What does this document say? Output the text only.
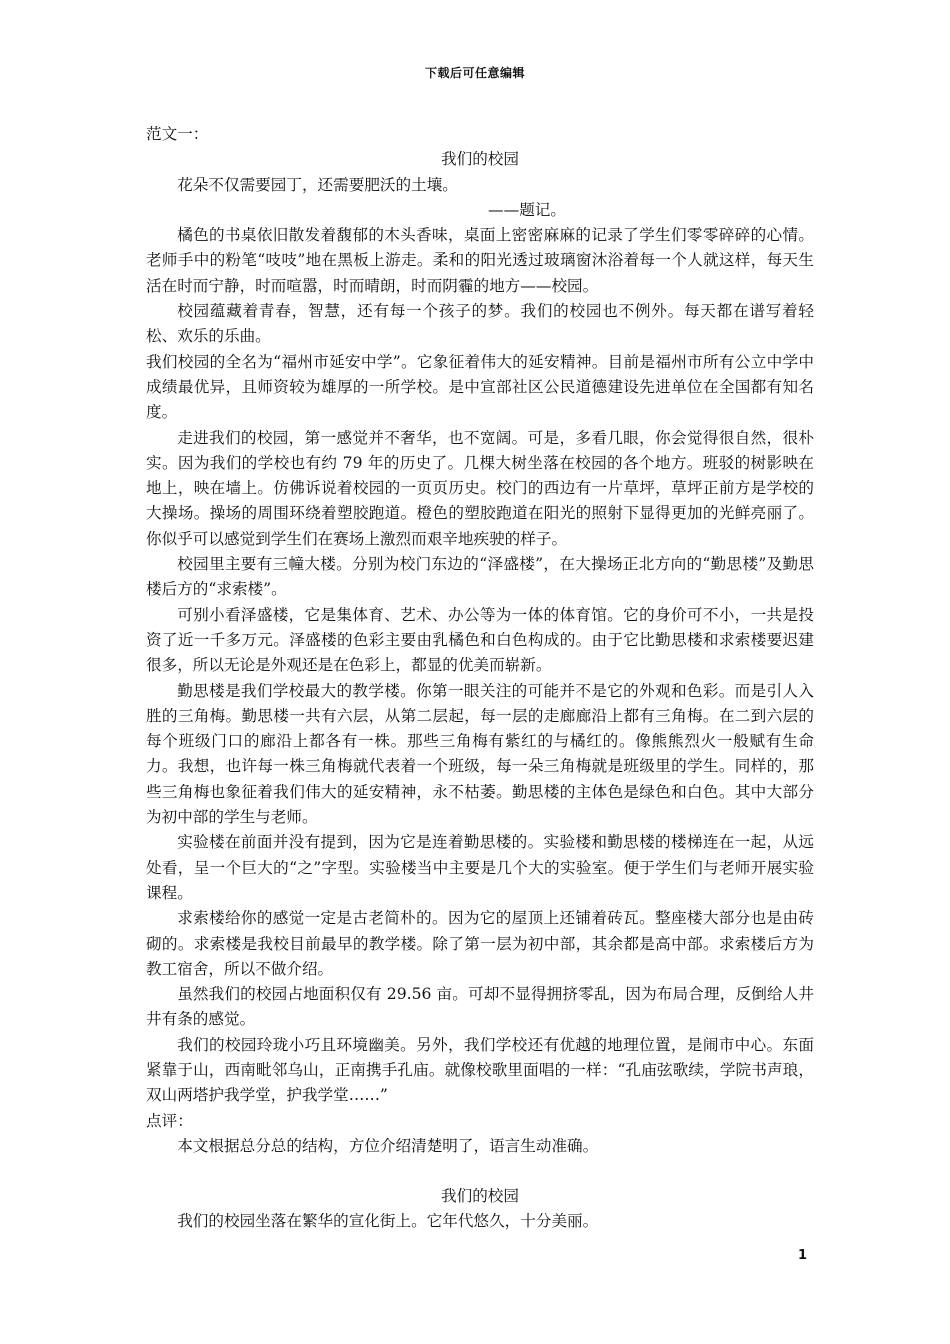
下载后可任意编辑

范文一：

我们的校园

花朵不仅需要园丁，还需要肥沃的土壤。

——题记。

橘色的书桌依旧散发着馥郁的木头香味，桌面上密密麻麻的记录了学生们零零碎碎的心情。老师手中的粉笔“吱吱”地在黑板上游走。柔和的阳光透过玻璃窗沐浴着每一个人就这样，每天生活在时而宁静，时而喧嚣，时而晴朗，时而阴霾的地方——校园。

校园蕴藏着青春，智慧，还有每一个孩子的梦。我们的校园也不例外。每天都在谱写着轻松、欢乐的乐曲。

我们校园的全名为“福州市延安中学”。它象征着伟大的延安精神。目前是福州市所有公立中学中成绩最优异，且师资较为雄厚的一所学校。是中宣部社区公民道德建设先进单位在全国都有知名度。

走进我们的校园，第一感觉并不奢华，也不宽阔。可是，多看几眼，你会觉得很自然，很朴实。因为我们的学校也有约 79 年的历史了。几棵大树坐落在校园的各个地方。班驳的树影映在地上，映在墙上。仿佛诉说着校园的一页页历史。校门的西边有一片草坪，草坪正前方是学校的大操场。操场的周围环绕着塑胶跑道。橙色的塑胶跑道在阳光的照射下显得更加的光鲜亮丽了。你似乎可以感觉到学生们在赛场上激烈而艰辛地疾驶的样子。

校园里主要有三幢大楼。分别为校门东边的“泽盛楼”，在大操场正北方向的“勤思楼”及勤思楼后方的“求索楼”。

可别小看泽盛楼，它是集体育、艺术、办公等为一体的体育馆。它的身价可不小，一共是投资了近一千多万元。泽盛楼的色彩主要由乳橘色和白色构成的。由于它比勤思楼和求索楼要迟建很多，所以无论是外观还是在色彩上，都显的优美而崭新。

勤思楼是我们学校最大的教学楼。你第一眼关注的可能并不是它的外观和色彩。而是引人入胜的三角梅。勤思楼一共有六层，从第二层起，每一层的走廊廊沿上都有三角梅。在二到六层的每个班级门口的廊沿上都各有一株。那些三角梅有紫红的与橘红的。像熊熊烈火一般赋有生命力。我想，也许每一株三角梅就代表着一个班级，每一朵三角梅就是班级里的学生。同样的，那些三角梅也象征着我们伟大的延安精神，永不枯萎。勤思楼的主体色是绿色和白色。其中大部分为初中部的学生与老师。

实验楼在前面并没有提到，因为它是连着勤思楼的。实验楼和勤思楼的楼梯连在一起，从远处看，呈一个巨大的“之”字型。实验楼当中主要是几个大的实验室。便于学生们与老师开展实验课程。

求索楼给你的感觉一定是古老简朴的。因为它的屋顶上还铺着砖瓦。整座楼大部分也是由砖砌的。求索楼是我校目前最早的教学楼。除了第一层为初中部，其余都是高中部。求索楼后方为教工宿舍，所以不做介绍。

虽然我们的校园占地面积仅有 29.56 亩。可却不显得拥挤零乱，因为布局合理，反倒给人井井有条的感觉。

我们的校园玲珑小巧且环境幽美。另外，我们学校还有优越的地理位置，是闹市中心。东面紧靠于山，西南毗邻乌山，正南携手孔庙。就像校歌里面唱的一样：“孔庙弦歌续，学院书声琅，双山两塔护我学堂，护我学堂……”

点评：

本文根据总分总的结构，方位介绍清楚明了，语言生动准确。

我们的校园

我们的校园坐落在繁华的宣化街上。它年代悠久，十分美丽。

1
